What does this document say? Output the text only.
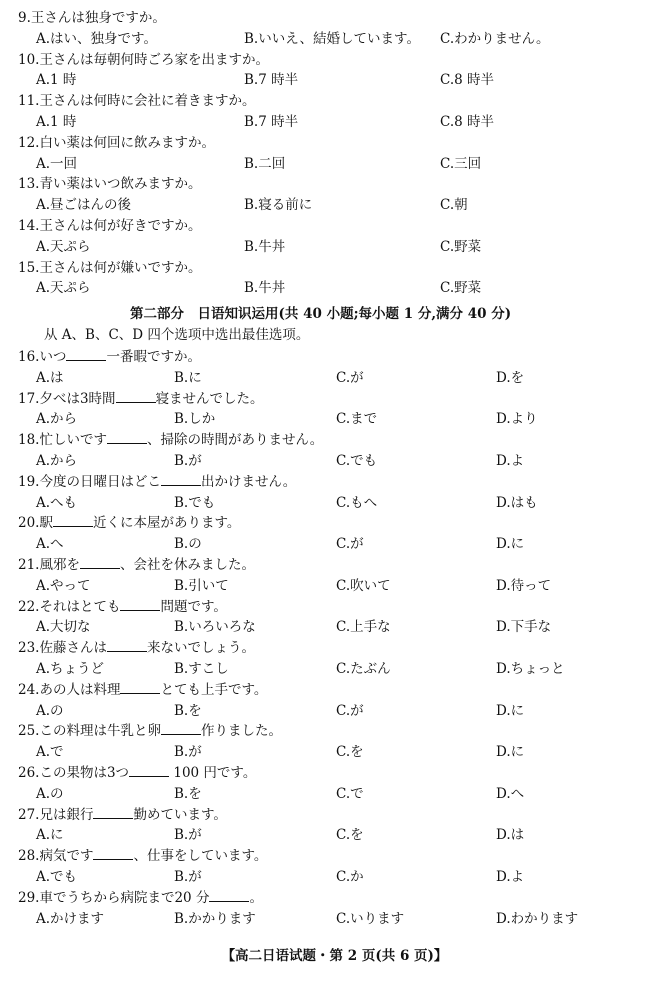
9.王さんは独身ですか。
A.はい、独身です。	B.いいえ、結婚しています。 C.わかりません。
10.王さんは毎朝何時ごろ家を出ますか。
A.1 時	B.7 時半	C.8 時半
11.王さんは何時に会社に着きますか。
A.1 時	B.7 時半	C.8 時半
12.白い薬は何回に飲みますか。
A.一回	B.二回	C.三回
13.青い薬はいつ飲みますか。
A.昼ごはんの後	B.寝る前に	C.朝
14.王さんは何が好きですか。
A.天ぷら	B.牛丼	C.野菜
15.王さんは何が嫌いですか。
A.天ぷら	B.牛丼	C.野菜
第二部分　日语知识运用(共 40 小题;每小题 1 分,满分 40 分)
从 A、B、C、D 四个选项中选出最佳选项。
16.いつ	一番暇ですか。
A.は	B.に	C.が	D.を
17.夕べは3時間	寝ませんでした。
A.から	B.しか	C.まで	D.より
18.忙しいです	、掃除の時間がありません。
A.から	B.が	C.でも	D.よ
19.今度の日曜日はどこ	出かけません。
A.へも	B.でも	C.もへ	D.はも
20.駅	近くに本屋があります。
A.へ	B.の	C.が	D.に
21.風邪を	、会社を休みました。
A.やって	B.引いて	C.吹いて	D.待って
22.それはとても	問題です。
A.大切な	B.いろいろな	C.上手な	D.下手な
23.佐藤さんは	来ないでしょう。
A.ちょうど	B.すこし	C.たぶん	D.ちょっと
24.あの人は料理	とても上手です。
A.の	B.を	C.が	D.に
25.この料理は牛乳と卵	作りました。
A.で	B.が	C.を	D.に
26.この果物は3つ	100 円です。
A.の	B.を	C.で	D.へ
27.兄は銀行	勤めています。
A.に	B.が	C.を	D.は
28.病気です	、仕事をしています。
A.でも	B.が	C.か	D.よ
29.車でうちから病院まで20 分	。
A.かけます	B.かかります	C.いります	D.わかります
【高二日语试题・第 2 页(共 6 页)】
